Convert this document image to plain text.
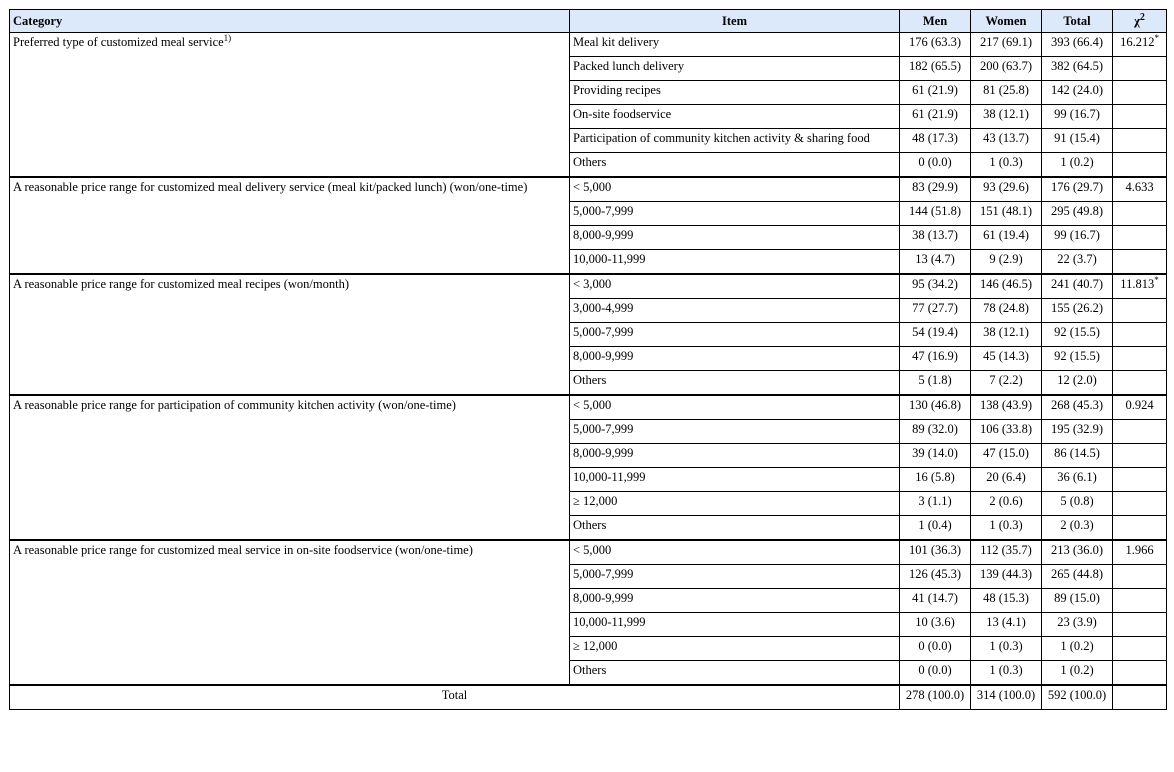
Category	Item	Men	Women	Total	$\chi^2$
Preferred type of customized meal service$^{1)}$	Meal kit delivery	176 (63.3)	217 (69.1)	393 (66.4)	16.212*
	Packed lunch delivery	182 (65.5)	200 (63.7)	382 (64.5)	
	Providing recipes	61 (21.9)	81 (25.8)	142 (24.0)	
	On-site foodservice	61 (21.9)	38 (12.1)	99 (16.7)	
	Participation of community kitchen activity & sharing food	48 (17.3)	43 (13.7)	91 (15.4)	
	Others	0 (0.0)	1 (0.3)	1 (0.2)	
A reasonable price range for customized meal delivery service (meal kit/packed lunch) (won/one-time)	< 5,000	83 (29.9)	93 (29.6)	176 (29.7)	4.633
	5,000-7,999	144 (51.8)	151 (48.1)	295 (49.8)	
	8,000-9,999	38 (13.7)	61 (19.4)	99 (16.7)	
	10,000-11,999	13 (4.7)	9 (2.9)	22 (3.7)	
A reasonable price range for customized meal recipes (won/month)	< 3,000	95 (34.2)	146 (46.5)	241 (40.7)	11.813*
	3,000-4,999	77 (27.7)	78 (24.8)	155 (26.2)	
	5,000-7,999	54 (19.4)	38 (12.1)	92 (15.5)	
	8,000-9,999	47 (16.9)	45 (14.3)	92 (15.5)	
	Others	5 (1.8)	7 (2.2)	12 (2.0)	
A reasonable price range for participation of community kitchen activity (won/one-time)	< 5,000	130 (46.8)	138 (43.9)	268 (45.3)	0.924
	5,000-7,999	89 (32.0)	106 (33.8)	195 (32.9)	
	8,000-9,999	39 (14.0)	47 (15.0)	86 (14.5)	
	10,000-11,999	16 (5.8)	20 (6.4)	36 (6.1)	
	≥ 12,000	3 (1.1)	2 (0.6)	5 (0.8)	
	Others	1 (0.4)	1 (0.3)	2 (0.3)	
A reasonable price range for customized meal service in on-site foodservice (won/one-time)	< 5,000	101 (36.3)	112 (35.7)	213 (36.0)	1.966
	5,000-7,999	126 (45.3)	139 (44.3)	265 (44.8)	
	8,000-9,999	41 (14.7)	48 (15.3)	89 (15.0)	
	10,000-11,999	10 (3.6)	13 (4.1)	23 (3.9)	
	≥ 12,000	0 (0.0)	1 (0.3)	1 (0.2)	
	Others	0 (0.0)	1 (0.3)	1 (0.2)	
Total		278 (100.0)	314 (100.0)	592 (100.0)	
